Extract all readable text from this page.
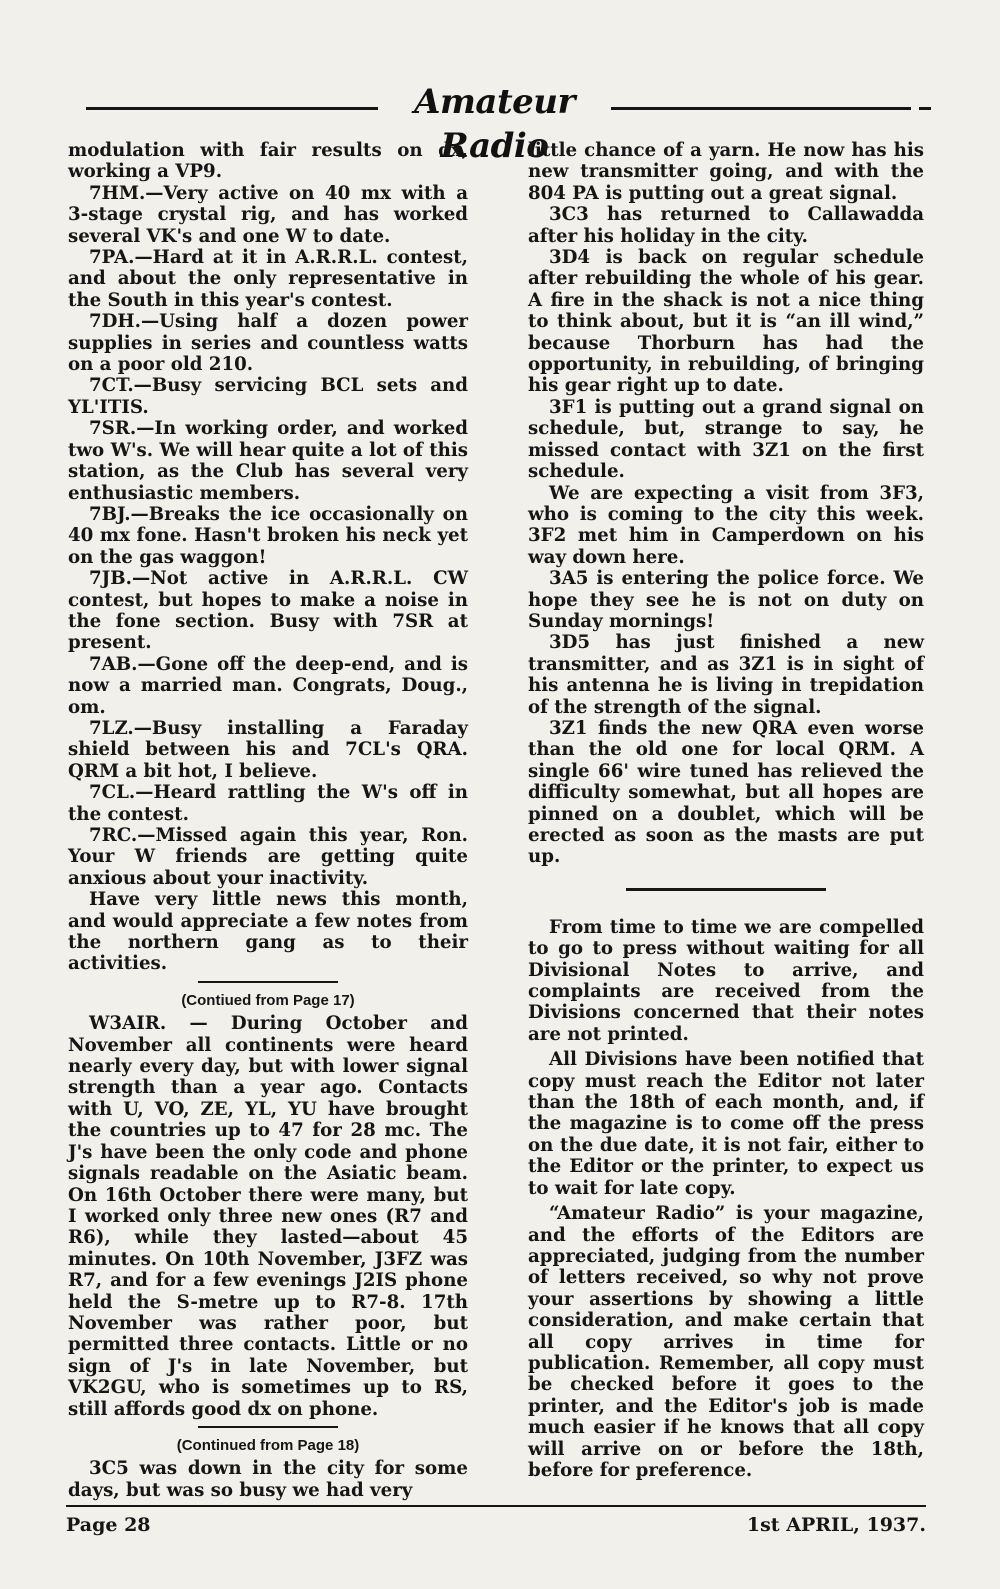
Amateur Radio

modulation with fair results on dx, working a VP9.

7HM.—Very active on 40 mx with a 3-stage crystal rig, and has worked several VK's and one W to date.

7PA.—Hard at it in A.R.R.L. contest, and about the only representative in the South in this year's contest.

7DH.—Using half a dozen power supplies in series and countless watts on a poor old 210.

7CT.—Busy servicing BCL sets and YL'ITIS.

7SR.—In working order, and worked two W's. We will hear quite a lot of this station, as the Club has several very enthusiastic members.

7BJ.—Breaks the ice occasionally on 40 mx fone. Hasn't broken his neck yet on the gas waggon!

7JB.—Not active in A.R.R.L. CW contest, but hopes to make a noise in the fone section. Busy with 7SR at present.

7AB.—Gone off the deep-end, and is now a married man. Congrats, Doug., om.

7LZ.—Busy installing a Faraday shield between his and 7CL's QRA. QRM a bit hot, I believe.

7CL.—Heard rattling the W's off in the contest.

7RC.—Missed again this year, Ron. Your W friends are getting quite anxious about your inactivity.

Have very little news this month, and would appreciate a few notes from the northern gang as to their activities.

(Contiued from Page 17)

W3AIR. — During October and November all continents were heard nearly every day, but with lower signal strength than a year ago. Contacts with U, VO, ZE, YL, YU have brought the countries up to 47 for 28 mc. The J's have been the only code and phone signals readable on the Asiatic beam. On 16th October there were many, but I worked only three new ones (R7 and R6), while they lasted—about 45 minutes. On 10th November, J3FZ was R7, and for a few evenings J2IS phone held the S-metre up to R7-8. 17th November was rather poor, but permitted three contacts. Little or no sign of J's in late November, but VK2GU, who is sometimes up to RS, still affords good dx on phone.

(Continued from Page 18)

3C5 was down in the city for some days, but was so busy we had very

little chance of a yarn. He now has his new transmitter going, and with the 804 PA is putting out a great signal.

3C3 has returned to Callawadda after his holiday in the city.

3D4 is back on regular schedule after rebuilding the whole of his gear. A fire in the shack is not a nice thing to think about, but it is “an ill wind,” because Thorburn has had the opportunity, in rebuilding, of bringing his gear right up to date.

3F1 is putting out a grand signal on schedule, but, strange to say, he missed contact with 3Z1 on the first schedule.

We are expecting a visit from 3F3, who is coming to the city this week. 3F2 met him in Camperdown on his way down here.

3A5 is entering the police force. We hope they see he is not on duty on Sunday mornings!

3D5 has just finished a new transmitter, and as 3Z1 is in sight of his antenna he is living in trepidation of the strength of the signal.

3Z1 finds the new QRA even worse than the old one for local QRM. A single 66' wire tuned has relieved the difficulty somewhat, but all hopes are pinned on a doublet, which will be erected as soon as the masts are put up.

From time to time we are compelled to go to press without waiting for all Divisional Notes to arrive, and complaints are received from the Divisions concerned that their notes are not printed.

All Divisions have been notified that copy must reach the Editor not later than the 18th of each month, and, if the magazine is to come off the press on the due date, it is not fair, either to the Editor or the printer, to expect us to wait for late copy.

“Amateur Radio” is your magazine, and the efforts of the Editors are appreciated, judging from the number of letters received, so why not prove your assertions by showing a little consideration, and make certain that all copy arrives in time for publication. Remember, all copy must be checked before it goes to the printer, and the Editor's job is made much easier if he knows that all copy will arrive on or before the 18th, before for preference.

Page 28	1st APRIL, 1937.
